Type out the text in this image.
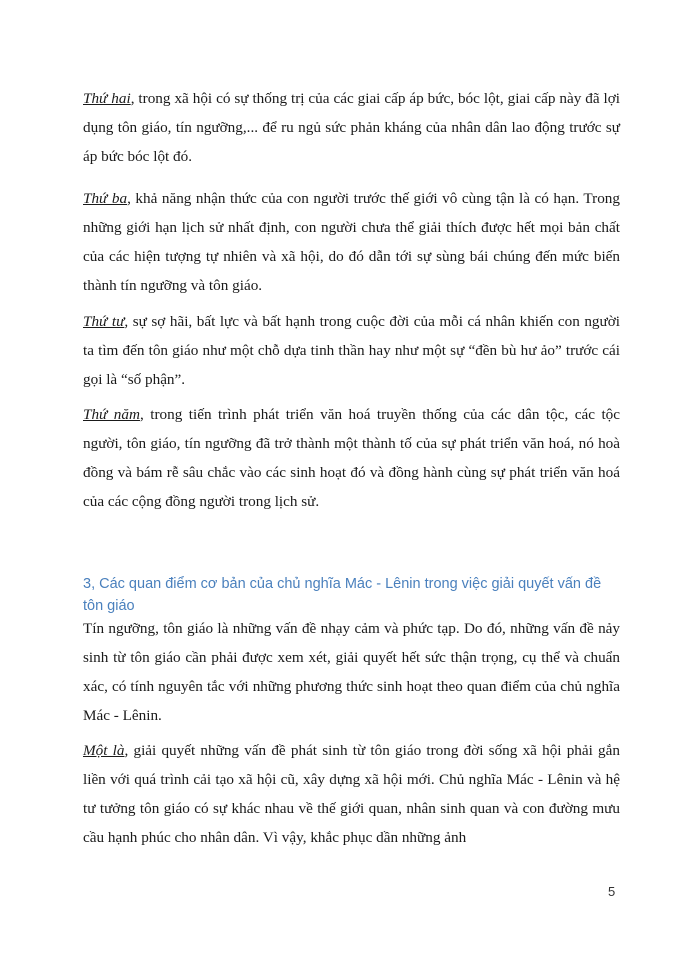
Thứ hai, trong xã hội có sự thống trị của các giai cấp áp bức, bóc lột, giai cấp này đã lợi dụng tôn giáo, tín ngưỡng,... để ru ngủ sức phản kháng của nhân dân lao động trước sự áp bức bóc lột đó.

Thứ ba, khả năng nhận thức của con người trước thế giới vô cùng tận là có hạn. Trong những giới hạn lịch sử nhất định, con người chưa thể giải thích được hết mọi bản chất của các hiện tượng tự nhiên và xã hội, do đó dẫn tới sự sùng bái chúng đến mức biến thành tín ngưỡng và tôn giáo.

Thứ tư, sự sợ hãi, bất lực và bất hạnh trong cuộc đời của mỗi cá nhân khiến con người ta tìm đến tôn giáo như một chỗ dựa tinh thần hay như một sự “đền bù hư ảo” trước cái gọi là “số phận”.

Thứ năm, trong tiến trình phát triển văn hoá truyền thống của các dân tộc, các tộc người, tôn giáo, tín ngưỡng đã trở thành một thành tố của sự phát triển văn hoá, nó hoà đồng và bám rễ sâu chắc vào các sinh hoạt đó và đồng hành cùng sự phát triển văn hoá của các cộng đồng người trong lịch sử.

3, Các quan điểm cơ bản của chủ nghĩa Mác - Lênin trong việc giải quyết vấn đề tôn giáo

Tín ngưỡng, tôn giáo là những vấn đề nhạy cảm và phức tạp. Do đó, những vấn đề nảy sinh từ tôn giáo cần phải được xem xét, giải quyết hết sức thận trọng, cụ thể và chuẩn xác, có tính nguyên tắc với những phương thức sinh hoạt theo quan điểm của chủ nghĩa Mác - Lênin.

Một là, giải quyết những vấn đề phát sinh từ tôn giáo trong đời sống xã hội phải gắn liền với quá trình cải tạo xã hội cũ, xây dựng xã hội mới. Chủ nghĩa Mác - Lênin và hệ tư tưởng tôn giáo có sự khác nhau về thế giới quan, nhân sinh quan và con đường mưu cầu hạnh phúc cho nhân dân. Vì vậy, khắc phục dần những ảnh

5
